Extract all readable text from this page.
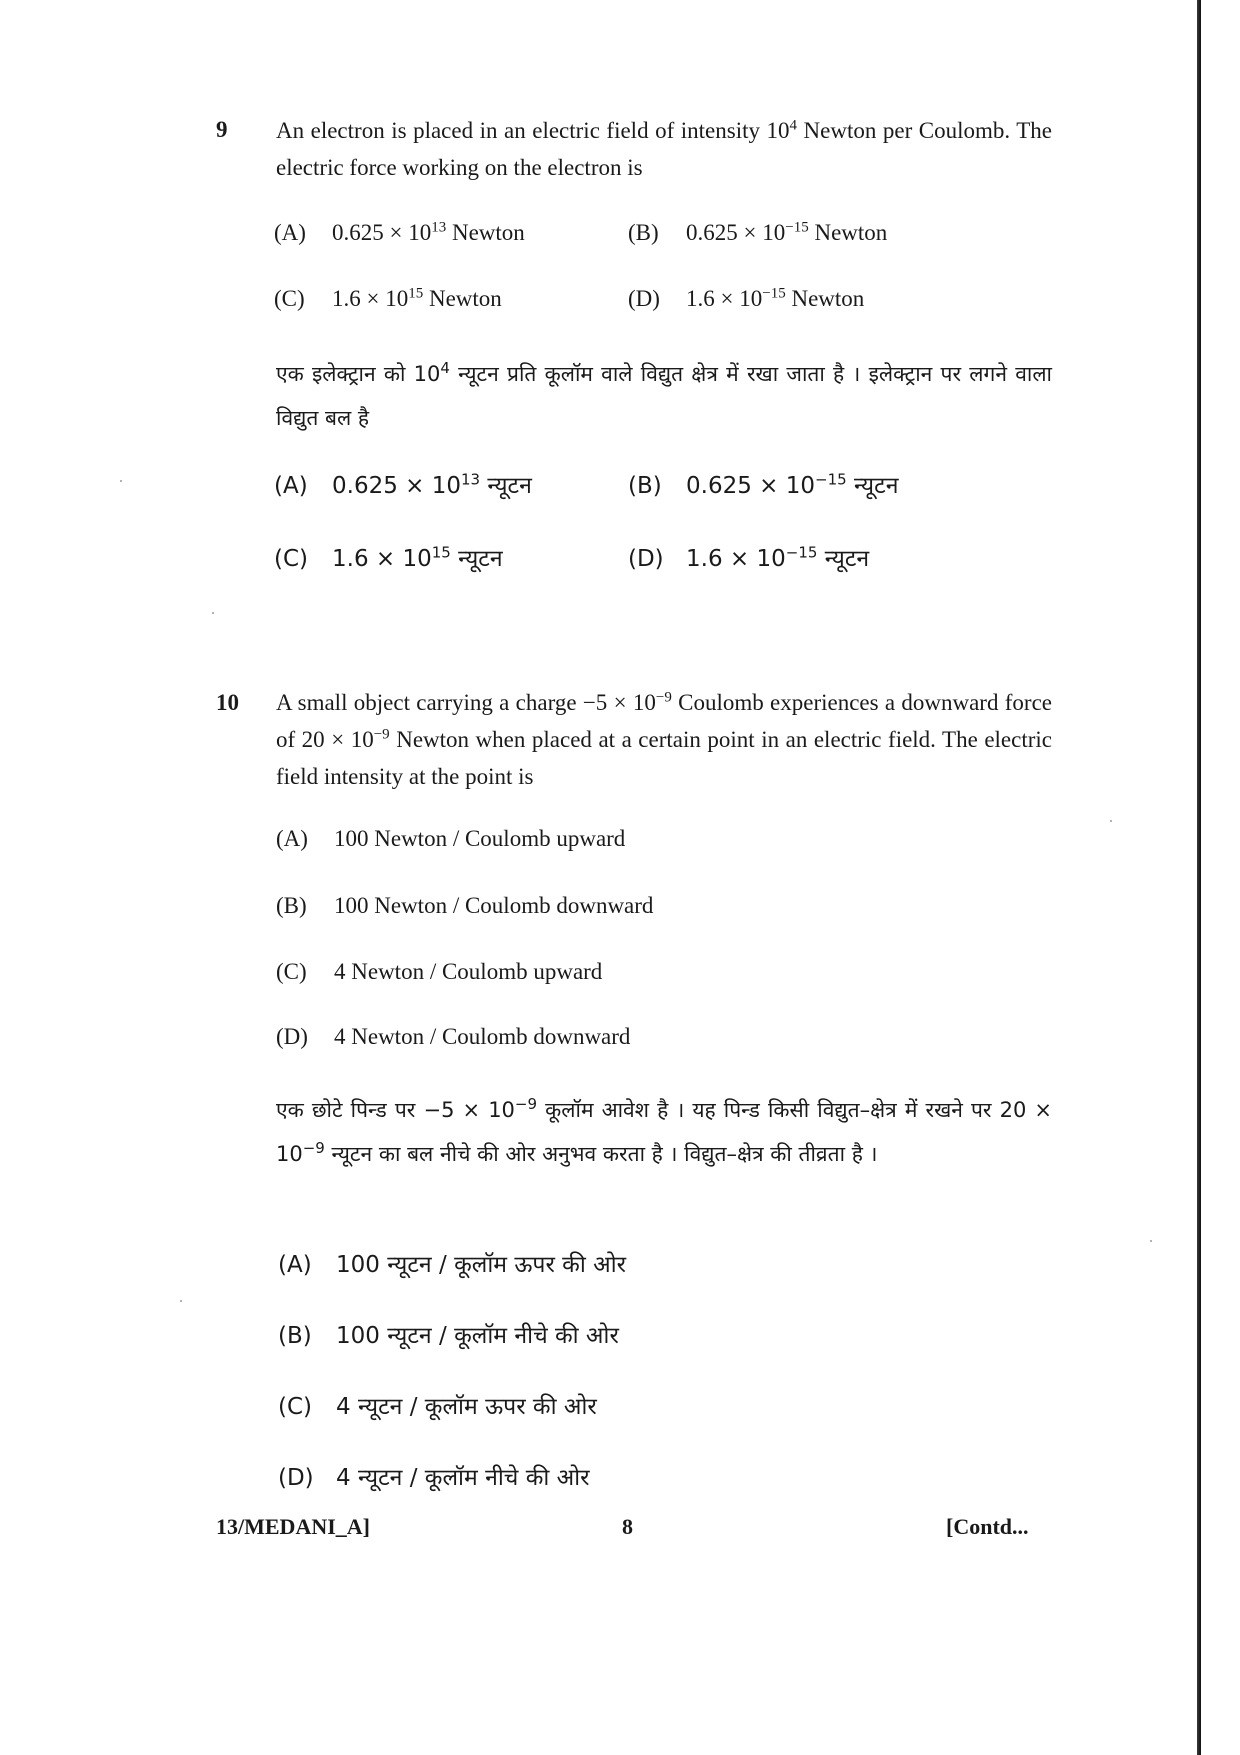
9 An electron is placed in an electric field of intensity $10^4$ Newton per Coulomb. The electric force working on the electron is
(A) $0.625 \times 10^{13}$ Newton	(B) $0.625 \times 10^{-15}$ Newton
(C) $1.6 \times 10^{15}$ Newton	(D) $1.6 \times 10^{-15}$ Newton
एक इलेक्ट्रान को $10^4$ न्यूटन प्रति कूलॉम वाले विद्युत क्षेत्र में रखा जाता है । इलेक्ट्रान पर लगने वाला विद्युत बल है
(A) $0.625 \times 10^{13}$ न्यूटन	(B) $0.625 \times 10^{-15}$ न्यूटन
(C) $1.6 \times 10^{15}$ न्यूटन	(D) $1.6 \times 10^{-15}$ न्यूटन
10 A small object carrying a charge $-5 \times 10^{-9}$ Coulomb experiences a downward force of $20 \times 10^{-9}$ Newton when placed at a certain point in an electric field. The electric field intensity at the point is
(A) 100 Newton / Coulomb upward
(B) 100 Newton / Coulomb downward
(C) 4 Newton / Coulomb upward
(D) 4 Newton / Coulomb downward
एक छोटे पिन्ड पर $-5 \times 10^{-9}$ कूलॉम आवेश है । यह पिन्ड किसी विद्युत–क्षेत्र में रखने पर $20 \times 10^{-9}$ न्यूटन का बल नीचे की ओर अनुभव करता है । विद्युत–क्षेत्र की तीव्रता है ।
(A) 100 न्यूटन / कूलॉम ऊपर की ओर
(B) 100 न्यूटन / कूलॉम नीचे की ओर
(C) 4 न्यूटन / कूलॉम ऊपर की ओर
(D) 4 न्यूटन / कूलॉम नीचे की ओर
13/MEDANI_A]	8	[Contd...
